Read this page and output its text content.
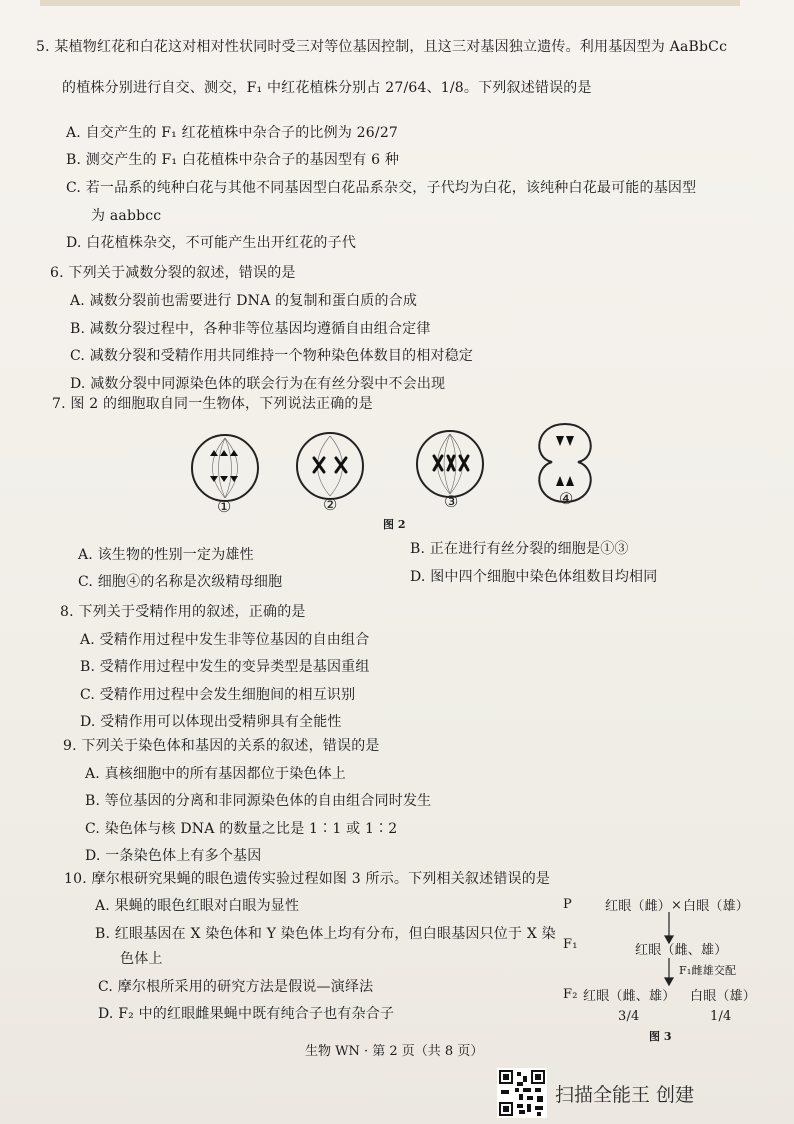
5. 某植物红花和白花这对相对性状同时受三对等位基因控制，且这三对基因独立遗传。利用基因型为 AaBbCc
的植株分别进行自交、测交，F₁ 中红花植株分别占 27/64、1/8。下列叙述错误的是
A. 自交产生的 F₁ 红花植株中杂合子的比例为 26/27
B. 测交产生的 F₁ 白花植株中杂合子的基因型有 6 种
C. 若一品系的纯种白花与其他不同基因型白花品系杂交，子代均为白花，该纯种白花最可能的基因型
为 aabbcc
D. 白花植株杂交，不可能产生出开红花的子代
6. 下列关于减数分裂的叙述，错误的是
A. 减数分裂前也需要进行 DNA 的复制和蛋白质的合成
B. 减数分裂过程中，各种非等位基因均遵循自由组合定律
C. 减数分裂和受精作用共同维持一个物种染色体数目的相对稳定
D. 减数分裂中同源染色体的联会行为在有丝分裂中不会出现
7. 图 2 的细胞取自同一生物体，下列说法正确的是
①	②	③	④
图 2
A. 该生物的性别一定为雄性	B. 正在进行有丝分裂的细胞是①③
C. 细胞④的名称是次级精母细胞	D. 图中四个细胞中染色体组数目均相同
8. 下列关于受精作用的叙述，正确的是
A. 受精作用过程中发生非等位基因的自由组合
B. 受精作用过程中发生的变异类型是基因重组
C. 受精作用过程中会发生细胞间的相互识别
D. 受精作用可以体现出受精卵具有全能性
9. 下列关于染色体和基因的关系的叙述，错误的是
A. 真核细胞中的所有基因都位于染色体上
B. 等位基因的分离和非同源染色体的自由组合同时发生
C. 染色体与核 DNA 的数量之比是 1∶1 或 1∶2
D. 一条染色体上有多个基因
10. 摩尔根研究果蝇的眼色遗传实验过程如图 3 所示。下列相关叙述错误的是
A. 果蝇的眼色红眼对白眼为显性
B. 红眼基因在 X 染色体和 Y 染色体上均有分布，但白眼基因只位于 X 染
色体上
C. 摩尔根所采用的研究方法是假说—演绎法
D. F₂ 中的红眼雌果蝇中既有纯合子也有杂合子
P	红眼（雌） × 白眼（雄）
F₁	红眼（雌、雄）
F₁雌雄交配
F₂ 红眼（雌、雄） 白眼（雄）
3/4	1/4
图 3
生物 WN · 第 2 页（共 8 页）
扫描全能王 创建
